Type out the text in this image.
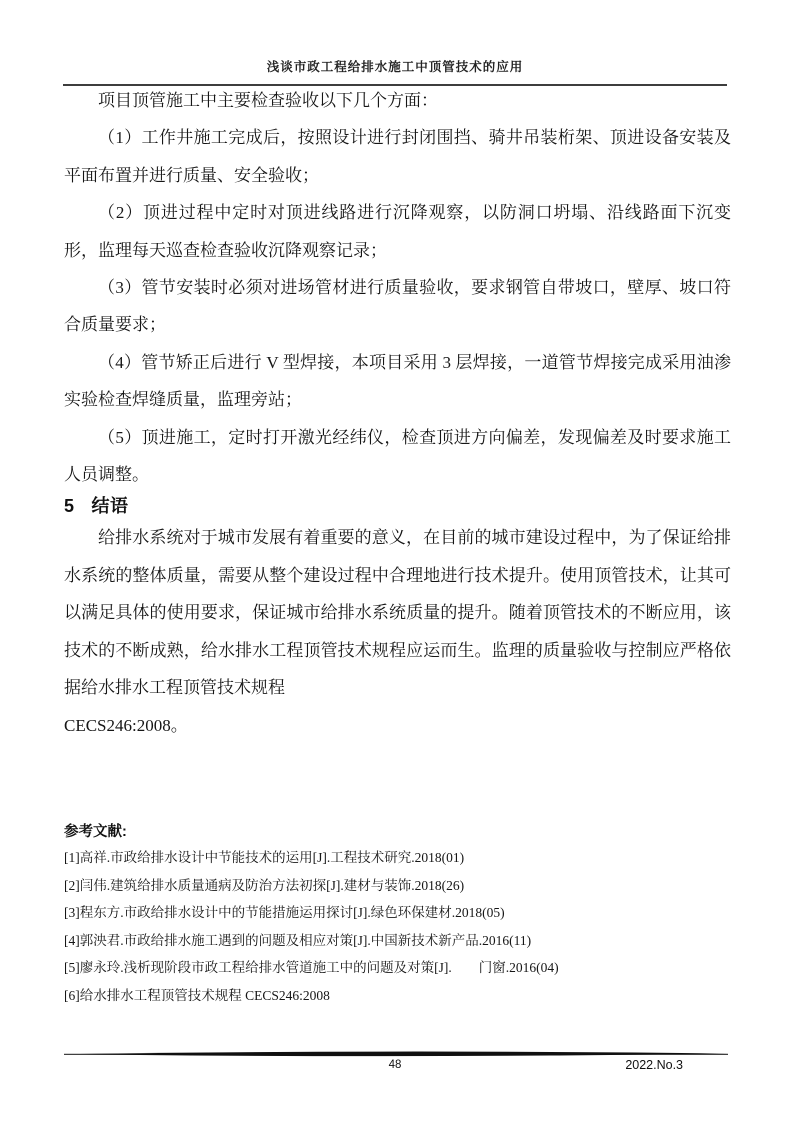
浅谈市政工程给排水施工中顶管技术的应用

项目顶管施工中主要检查验收以下几个方面：

（1）工作井施工完成后，按照设计进行封闭围挡、骑井吊装桁架、顶进设备安装及平面布置并进行质量、安全验收；

（2）顶进过程中定时对顶进线路进行沉降观察，以防洞口坍塌、沿线路面下沉变形，监理每天巡查检查验收沉降观察记录；

（3）管节安装时必须对进场管材进行质量验收，要求钢管自带坡口，壁厚、坡口符合质量要求；

（4）管节矫正后进行 V 型焊接，本项目采用 3 层焊接，一道管节焊接完成采用油渗实验检查焊缝质量，监理旁站；

（5）顶进施工，定时打开激光经纬仪，检查顶进方向偏差，发现偏差及时要求施工人员调整。

5 结语

给排水系统对于城市发展有着重要的意义，在目前的城市建设过程中，为了保证给排水系统的整体质量，需要从整个建设过程中合理地进行技术提升。使用顶管技术，让其可以满足具体的使用要求，保证城市给排水系统质量的提升。随着顶管技术的不断应用，该技术的不断成熟，给水排水工程顶管技术规程应运而生。监理的质量验收与控制应严格依据给水排水工程顶管技术规程
CECS246:2008。

参考文献:
[1]高祥.市政给排水设计中节能技术的运用[J].工程技术研究.2018(01)
[2]闫伟.建筑给排水质量通病及防治方法初探[J].建材与装饰.2018(26)
[3]程东方.市政给排水设计中的节能措施运用探讨[J].绿色环保建材.2018(05)
[4]郭泱君.市政给排水施工遇到的问题及相应对策[J].中国新技术新产品.2016(11)
[5]廖永玲.浅析现阶段市政工程给排水管道施工中的问题及对策[J].　　门窗.2016(04)
[6]给水排水工程顶管技术规程 CECS246:2008
48	2022.No.3
